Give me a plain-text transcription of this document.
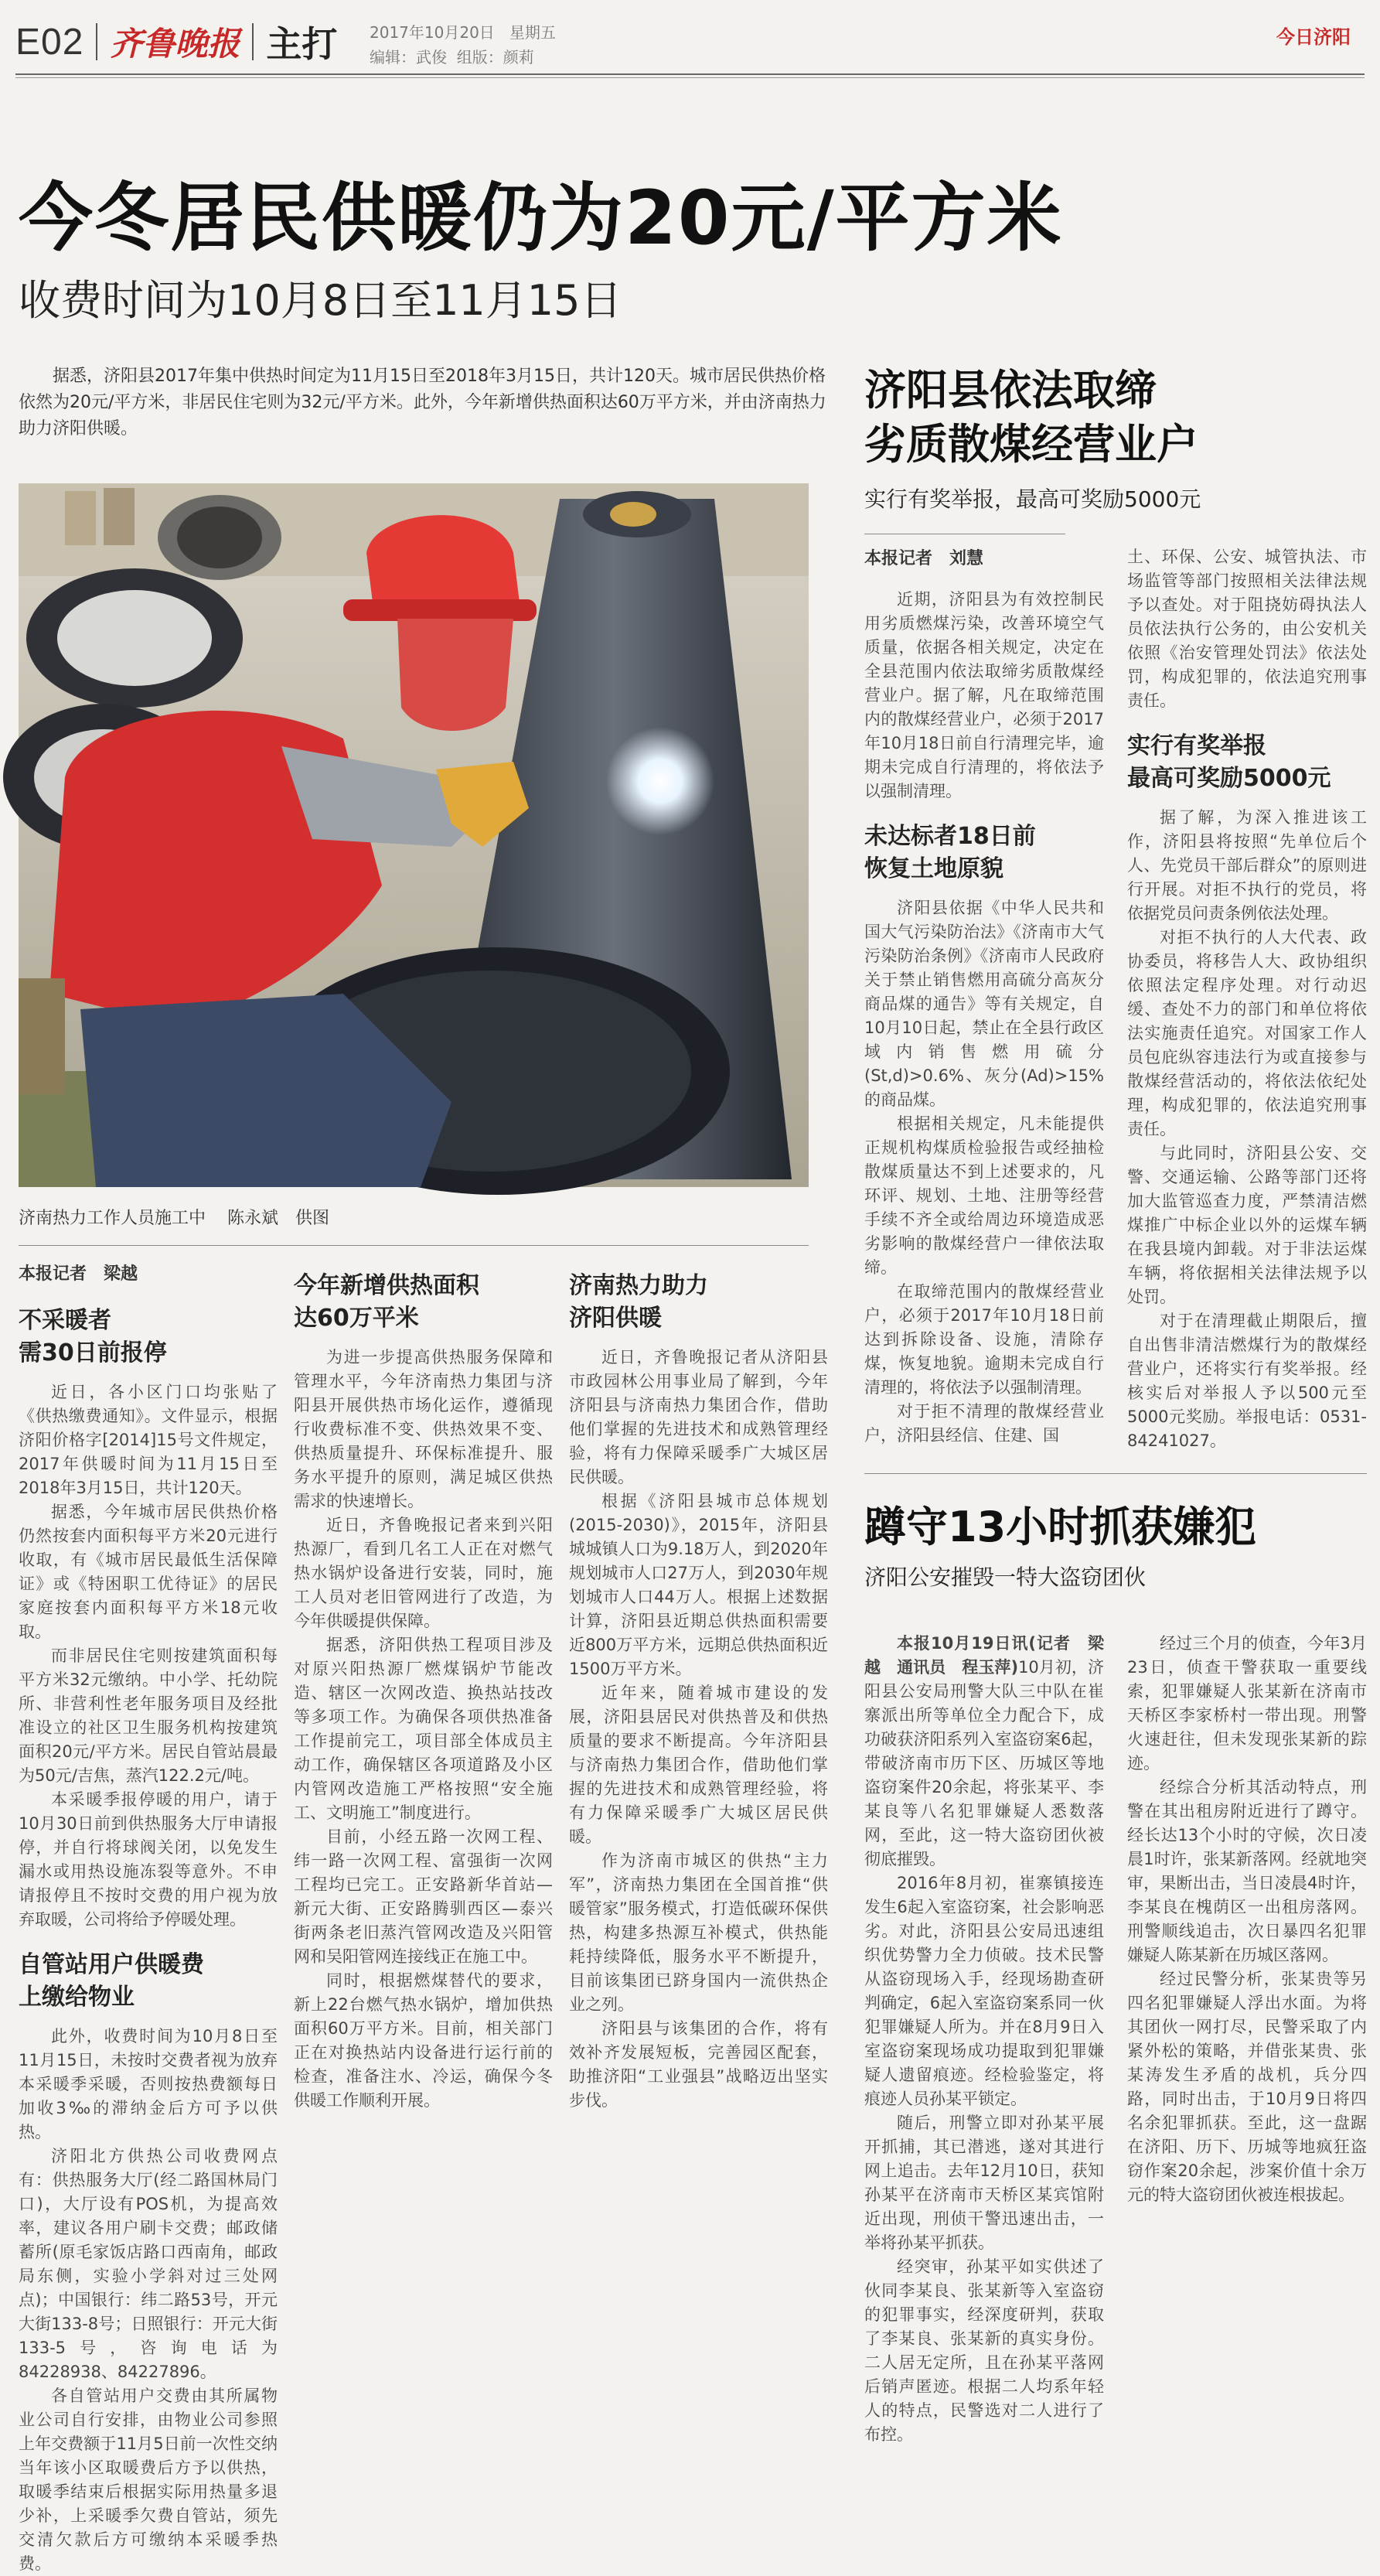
E02 齐鲁晚报 主打 2017年10月20日 星期五
编辑：武俊 组版：颜莉
今日济阳
今冬居民供暖仍为20元/平方米
收费时间为10月8日至11月15日
据悉，济阳县2017年集中供热时间定为11月15日至2018年3月15日，共计120天。城市居民供热价格依然为20元/平方米，非居民住宅则为32元/平方米。此外，今年新增供热面积达60万平方米，并由济南热力助力济阳供暖。
济南热力工作人员施工中 陈永斌　供图
本报记者　梁越
不采暖者
需30日前报停

近日，各小区门口均张贴了《供热缴费通知》。文件显示，根据济阳价格字[2014]15号文件规定，2017年供暖时间为11月15日至2018年3月15日，共计120天。

据悉，今年城市居民供热价格仍然按套内面积每平方米20元进行收取，有《城市居民最低生活保障证》或《特困职工优待证》的居民家庭按套内面积每平方米18元收取。

而非居民住宅则按建筑面积每平方米32元缴纳。中小学、托幼院所、非营利性老年服务项目及经批准设立的社区卫生服务机构按建筑面积20元/平方米。居民自管站晨最为50元/吉焦，蒸汽122.2元/吨。

本采暖季报停暖的用户，请于10月30日前到供热服务大厅申请报停，并自行将球阀关闭，以免发生漏水或用热设施冻裂等意外。不申请报停且不按时交费的用户视为放弃取暖，公司将给予停暖处理。

自管站用户供暖费
上缴给物业

此外，收费时间为10月8日至11月15日，未按时交费者视为放弃本采暖季采暖，否则按热费额每日加收3‰的滞纳金后方可予以供热。

济阳北方供热公司收费网点有：供热服务大厅(经二路国林局门口)，大厅设有POS机，为提高效率，建议各用户刷卡交费；邮政储蓄所(原毛家饭店路口西南角，邮政局东侧，实验小学斜对过三处网点)；中国银行：纬二路53号，开元大街133-8号；日照银行：开元大街133-5号，咨询电话为84228938、84227896。

各自管站用户交费由其所属物业公司自行安排，由物业公司参照上年交费额于11月5日前一次性交纳当年该小区取暖费后方予以供热，取暖季结束后根据实际用热量多退少补，上采暖季欠费自管站，须先交清欠款后方可缴纳本采暖季热费。

今年新增供热面积
达60万平米

为进一步提高供热服务保障和管理水平，今年济南热力集团与济阳县开展供热市场化运作，遵循现行收费标准不变、供热效果不变、供热质量提升、环保标准提升、服务水平提升的原则，满足城区供热需求的快速增长。

近日，齐鲁晚报记者来到兴阳热源厂，看到几名工人正在对燃气热水锅炉设备进行安装，同时，施工人员对老旧管网进行了改造，为今年供暖提供保障。

据悉，济阳供热工程项目涉及对原兴阳热源厂燃煤锅炉节能改造、辖区一次网改造、换热站技改等多项工作。为确保各项供热准备工作提前完工，项目部全体成员主动工作，确保辖区各项道路及小区内管网改造施工严格按照“安全施工、文明施工”制度进行。

目前，小经五路一次网工程、纬一路一次网工程、富强街一次网工程均已完工。正安路新华首站—新元大街、正安路腾驯西区—泰兴街两条老旧蒸汽管网改造及兴阳管网和吴阳管网连接线正在施工中。

同时，根据燃煤替代的要求，新上22台燃气热水锅炉，增加供热面积60万平方米。目前，相关部门正在对换热站内设备进行运行前的检查，准备注水、冷运，确保今冬供暖工作顺利开展。

济南热力助力
济阳供暖

近日，齐鲁晚报记者从济阳县市政园林公用事业局了解到，今年济阳县与济南热力集团合作，借助他们掌握的先进技术和成熟管理经验，将有力保障采暖季广大城区居民供暖。

根据《济阳县城市总体规划(2015-2030)》，2015年，济阳县城城镇人口为9.18万人，到2020年规划城市人口27万人，到2030年规划城市人口44万人。根据上述数据计算，济阳县近期总供热面积需要近800万平方米，远期总供热面积近1500万平方米。

近年来，随着城市建设的发展，济阳县居民对供热普及和供热质量的要求不断提高。今年济阳县与济南热力集团合作，借助他们掌握的先进技术和成熟管理经验，将有力保障采暖季广大城区居民供暖。

作为济南市城区的供热“主力军”，济南热力集团在全国首推“供暖管家”服务模式，打造低碳环保供热，构建多热源互补模式，供热能耗持续降低，服务水平不断提升，目前该集团已跻身国内一流供热企业之列。

济阳县与该集团的合作，将有效补齐发展短板，完善园区配套，助推济阳“工业强县”战略迈出坚实步伐。

济阳县依法取缔
劣质散煤经营业户
实行有奖举报，最高可奖励5000元
本报记者　刘慧

近期，济阳县为有效控制民用劣质燃煤污染，改善环境空气质量，依据各相关规定，决定在全县范围内依法取缔劣质散煤经营业户。据了解，凡在取缔范围内的散煤经营业户，必须于2017年10月18日前自行清理完毕，逾期未完成自行清理的，将依法予以强制清理。

未达标者18日前
恢复土地原貌

济阳县依据《中华人民共和国大气污染防治法》《济南市大气污染防治条例》《济南市人民政府关于禁止销售燃用高硫分高灰分商品煤的通告》等有关规定，自10月10日起，禁止在全县行政区域内销售燃用硫分(St,d)>0.6%、灰分(Ad)>15%的商品煤。

根据相关规定，凡未能提供正规机构煤质检验报告或经抽检散煤质量达不到上述要求的，凡环评、规划、土地、注册等经营手续不齐全或给周边环境造成恶劣影响的散煤经营户一律依法取缔。

在取缔范围内的散煤经营业户，必须于2017年10月18日前达到拆除设备、设施，清除存煤，恢复地貌。逾期未完成自行清理的，将依法予以强制清理。

对于拒不清理的散煤经营业户，济阳县经信、住建、国

土、环保、公安、城管执法、市场监管等部门按照相关法律法规予以查处。对于阻挠妨碍执法人员依法执行公务的，由公安机关依照《治安管理处罚法》依法处罚，构成犯罪的，依法追究刑事责任。

实行有奖举报
最高可奖励5000元

据了解，为深入推进该工作，济阳县将按照“先单位后个人、先党员干部后群众”的原则进行开展。对拒不执行的党员，将依据党员问责条例依法处理。

对拒不执行的人大代表、政协委员，将移告人大、政协组织依照法定程序处理。对行动迟缓、查处不力的部门和单位将依法实施责任追究。对国家工作人员包庇纵容违法行为或直接参与散煤经营活动的，将依法依纪处理，构成犯罪的，依法追究刑事责任。

与此同时，济阳县公安、交警、交通运输、公路等部门还将加大监管巡查力度，严禁清洁燃煤推广中标企业以外的运煤车辆在我县境内卸载。对于非法运煤车辆，将依据相关法律法规予以处罚。

对于在清理截止期限后，擅自出售非清洁燃煤行为的散煤经营业户，还将实行有奖举报。经核实后对举报人予以500元至5000元奖励。举报电话：0531-84241027。

蹲守13小时抓获嫌犯
济阳公安摧毁一特大盗窃团伙

本报10月19日讯(记者　梁越　通讯员　程玉萍)10月初，济阳县公安局刑警大队三中队在崔寨派出所等单位全力配合下，成功破获济阳系列入室盗窃案6起，带破济南市历下区、历城区等地盗窃案件20余起，将张某平、李某良等八名犯罪嫌疑人悉数落网，至此，这一特大盗窃团伙被彻底摧毁。

2016年8月初，崔寨镇接连发生6起入室盗窃案，社会影响恶劣。对此，济阳县公安局迅速组织优势警力全力侦破。技术民警从盗窃现场入手，经现场勘查研判确定，6起入室盗窃案系同一伙犯罪嫌疑人所为。并在8月9日入室盗窃案现场成功提取到犯罪嫌疑人遗留痕迹。经检验鉴定，将痕迹人员孙某平锁定。

随后，刑警立即对孙某平展开抓捕，其已潜逃，遂对其进行网上追击。去年12月10日，获知孙某平在济南市天桥区某宾馆附近出现，刑侦干警迅速出击，一举将孙某平抓获。

经突审，孙某平如实供述了伙同李某良、张某新等入室盗窃的犯罪事实，经深度研判，获取了李某良、张某新的真实身份。二人居无定所，且在孙某平落网后销声匿迹。根据二人均系年轻人的特点，民警选对二人进行了布控。

经过三个月的侦查，今年3月23日，侦查干警获取一重要线索，犯罪嫌疑人张某新在济南市天桥区李家桥村一带出现。刑警火速赶往，但未发现张某新的踪迹。

经综合分析其活动特点，刑警在其出租房附近进行了蹲守。经长达13个小时的守候，次日凌晨1时许，张某新落网。经就地突审，果断出击，当日凌晨4时许，李某良在槐荫区一出租房落网。刑警顺线追击，次日暴四名犯罪嫌疑人陈某新在历城区落网。

经过民警分析，张某贵等另四名犯罪嫌疑人浮出水面。为将其团伙一网打尽，民警采取了内紧外松的策略，并借张某贵、张某涛发生矛盾的战机，兵分四路，同时出击，于10月9日将四名余犯罪抓获。至此，这一盘踞在济阳、历下、历城等地疯狂盗窃作案20余起，涉案价值十余万元的特大盗窃团伙被连根拔起。
